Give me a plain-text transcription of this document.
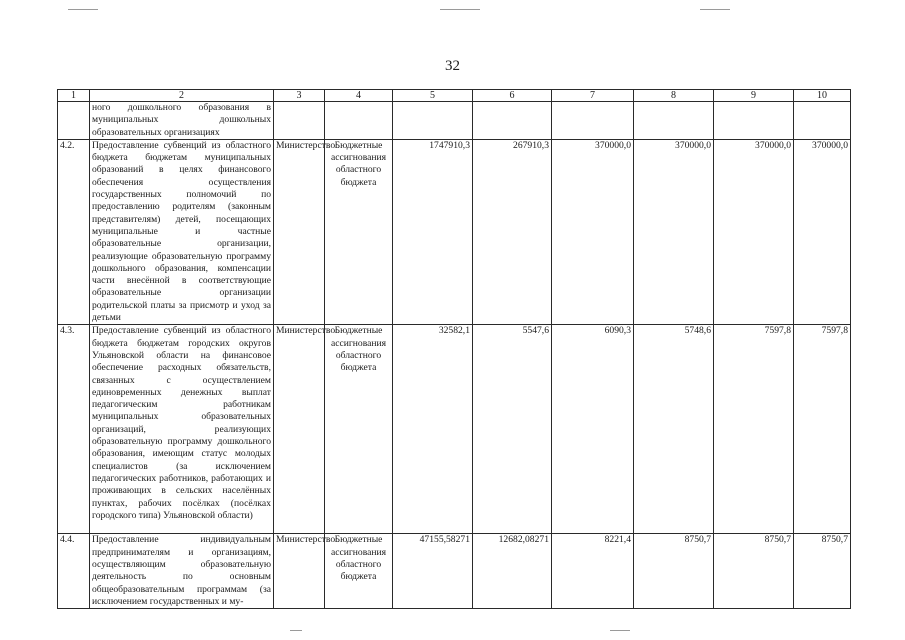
32
1	2	3	4	5	6	7	8	9	10
	ного дошкольного образования в муниципальных дошкольных образовательных организациях								
4.2.	Предоставление субвенций из областного бюджета бюджетам муниципальных образований в целях финансового обеспечения осуществления государственных полномочий по предоставлению родителям (законным представителям) детей, посещающих муниципальные и частные образовательные организации, реализующие образовательную программу дошкольного образования, компенсации части внесённой в соответствующие образовательные организации родительской платы за присмотр и уход за детьми	Министерство	Бюджетные ассигнования областного бюджета	1747910,3	267910,3	370000,0	370000,0	370000,0	370000,0
4.3.	Предоставление субвенций из областного бюджета бюджетам городских округов Ульяновской области на финансовое обеспечение расходных обязательств, связанных с осуществлением единовременных денежных выплат педагогическим работникам муниципальных образовательных организаций, реализующих образовательную программу дошкольного образования, имеющим статус молодых специалистов (за исключением педагогических работников, работающих и проживающих в сельских населённых пунктах, рабочих посёлках (посёлках городского типа) Ульяновской области)	Министерство	Бюджетные ассигнования областного бюджета	32582,1	5547,6	6090,3	5748,6	7597,8	7597,8
4.4.	Предоставление индивидуальным предпринимателям и организациям, осуществляющим образовательную деятельность по основным общеобразовательным программам (за исключением государственных и му-	Министерство	Бюджетные ассигнования областного бюджета	47155,58271	12682,08271	8221,4	8750,7	8750,7	8750,7
